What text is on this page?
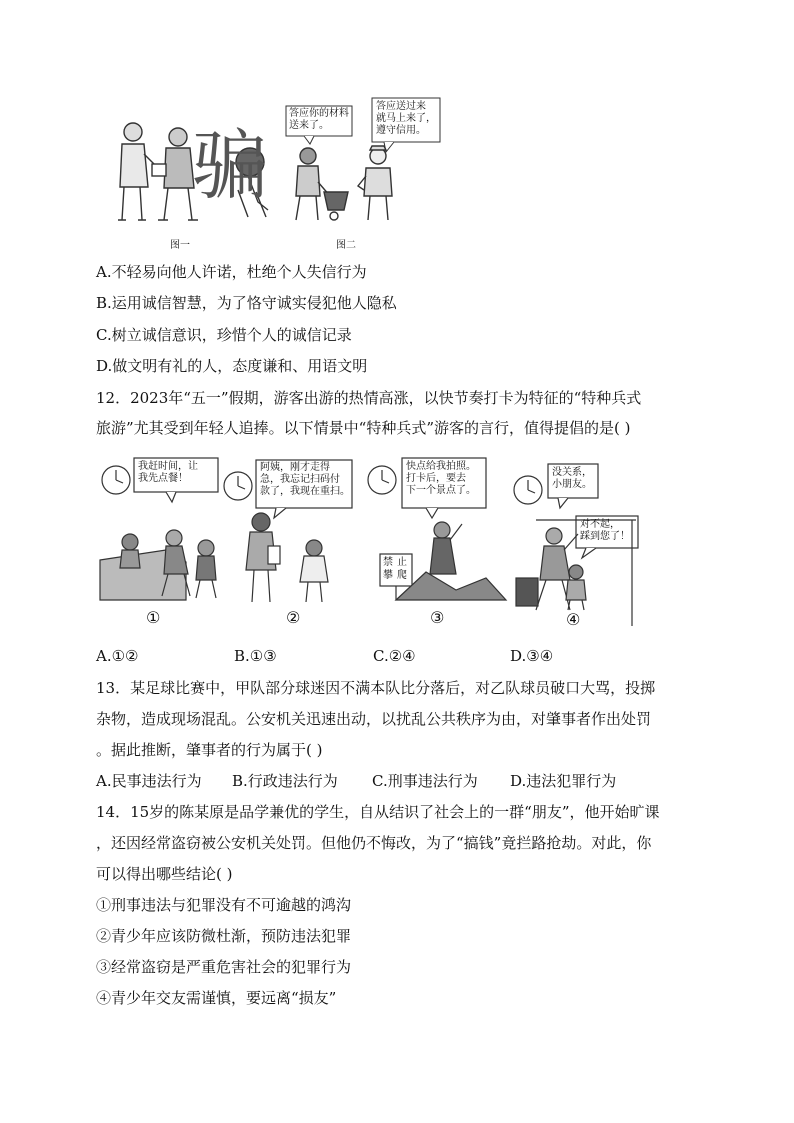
骗
答应你的材料
送来了。
答应送过来
就马上来了，
遵守信用。
图一	图二
A.不轻易向他人许诺，杜绝个人失信行为
B.运用诚信智慧，为了恪守诚实侵犯他人隐私
C.树立诚信意识，珍惜个人的诚信记录
D.做文明有礼的人，态度谦和、用语文明
12．2023年“五一”假期，游客出游的热情高涨，以快节奏打卡为特征的“特种兵式
旅游”尤其受到年轻人追捧。以下情景中“特种兵式”游客的言行，值得提倡的是( )
我赶时间，让
我先点餐！
①
阿姨，刚才走得
急，我忘记扫码付
款了，我现在重扫。
②
快点给我拍照。
打卡后，要去
下一个景点了。
禁 止
攀 爬
③
没关系，
小朋友。
对不起，
踩到您了！
④
A.①②	B.①③	C.②④	D.③④
13．某足球比赛中，甲队部分球迷因不满本队比分落后，对乙队球员破口大骂，投掷
杂物，造成现场混乱。公安机关迅速出动，以扰乱公共秩序为由，对肇事者作出处罚
。据此推断，肇事者的行为属于( )
A.民事违法行为 B.行政违法行为 C.刑事违法行为 D.违法犯罪行为
14．15岁的陈某原是品学兼优的学生，自从结识了社会上的一群“朋友”，他开始旷课
，还因经常盗窃被公安机关处罚。但他仍不悔改，为了“搞钱”竟拦路抢劫。对此，你
可以得出哪些结论( )
①刑事违法与犯罪没有不可逾越的鸿沟
②青少年应该防微杜渐，预防违法犯罪
③经常盗窃是严重危害社会的犯罪行为
④青少年交友需谨慎，要远离“损友”
